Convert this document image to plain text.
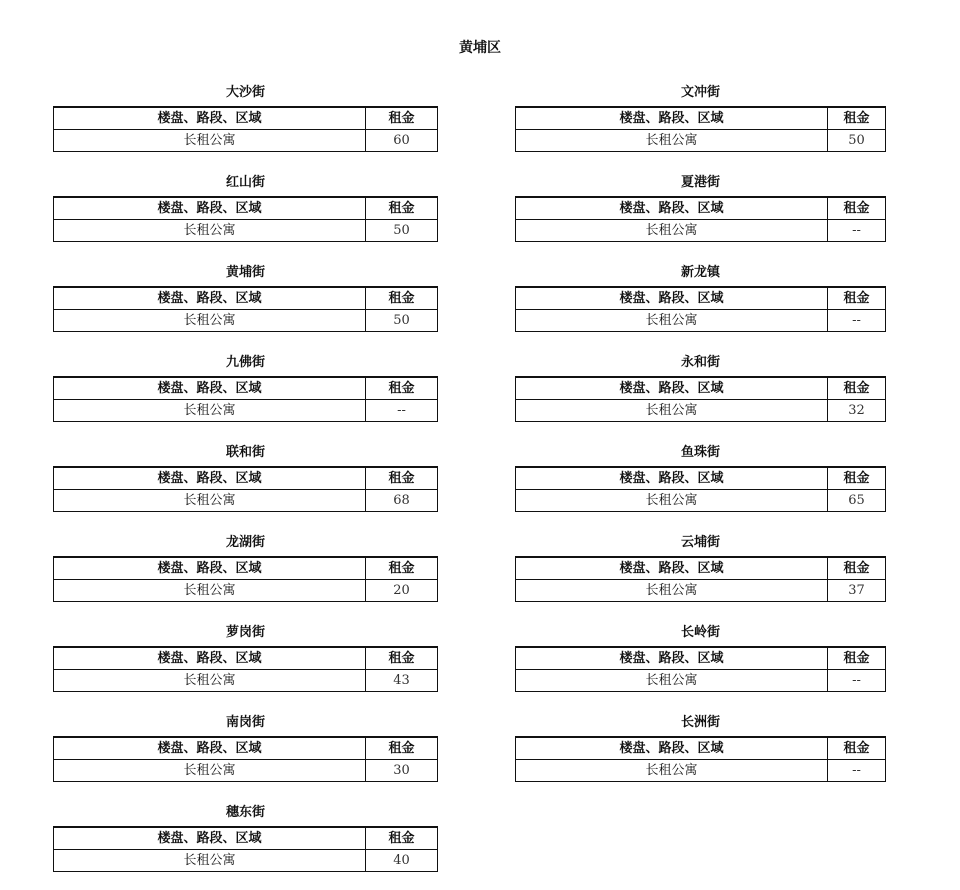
黄埔区
大沙街
楼盘、路段、区域	租金
长租公寓	60
红山街
楼盘、路段、区域	租金
长租公寓	50
黄埔街
楼盘、路段、区域	租金
长租公寓	50
九佛街
楼盘、路段、区域	租金
长租公寓	--
联和街
楼盘、路段、区域	租金
长租公寓	68
龙湖街
楼盘、路段、区域	租金
长租公寓	20
萝岗街
楼盘、路段、区域	租金
长租公寓	43
南岗街
楼盘、路段、区域	租金
长租公寓	30
穗东街
楼盘、路段、区域	租金
长租公寓	40
文冲街
楼盘、路段、区域	租金
长租公寓	50
夏港街
楼盘、路段、区域	租金
长租公寓	--
新龙镇
楼盘、路段、区域	租金
长租公寓	--
永和街
楼盘、路段、区域	租金
长租公寓	32
鱼珠街
楼盘、路段、区域	租金
长租公寓	65
云埔街
楼盘、路段、区域	租金
长租公寓	37
长岭街
楼盘、路段、区域	租金
长租公寓	--
长洲街
楼盘、路段、区域	租金
长租公寓	--
